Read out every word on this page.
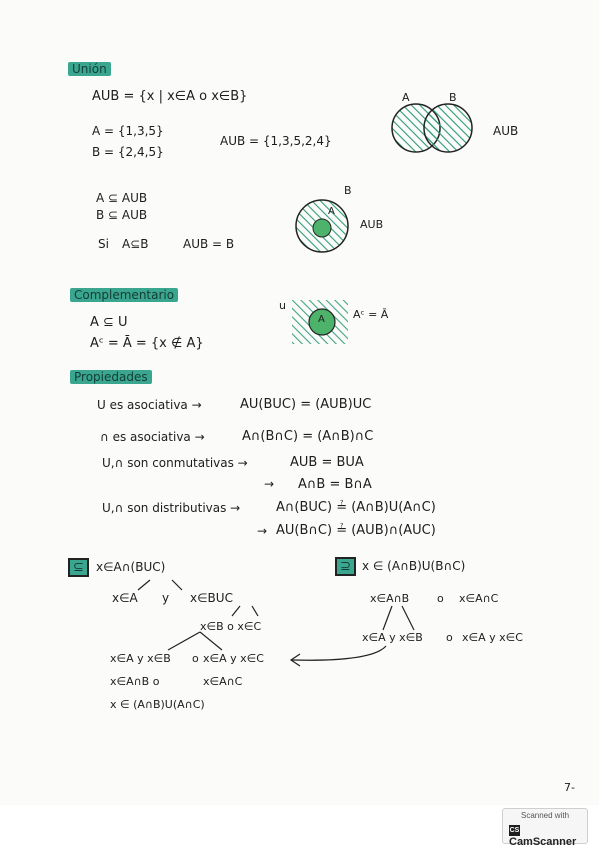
Unión
AUB = {x | x∈A o x∈B}
A = {1,3,5}
B = {2,4,5}
AUB = {1,3,5,2,4}
A	B
AUB
A ⊆ AUB
B ⊆ AUB
Si A⊆B	AUB = B
B
A
AUB
Complementario
A ⊆ U
Aᶜ = Ā = {x ∉ A}
u
A	Aᶜ = Ā
Propiedades
U es asociativa →	AU(BUC) = (AUB)UC
∩ es asociativa →	A∩(B∩C) = (A∩B)∩C
U,∩ son conmutativas →	AUB = BUA
→ A∩B = B∩A
U,∩ son distributivas →	A∩(BUC) ≟ (A∩B)U(A∩C)
→ AU(B∩C) ≟ (AUB)∩(AUC)
⊆	x∈A∩(BUC)
x∈A y x∈BUC
x∈B o x∈C
x∈A y x∈B o x∈A y x∈C
x∈A∩B o	x∈A∩C
x ∈ (A∩B)U(A∩C)
⊇ x ∈ (A∩B)U(B∩C)
x∈A∩B	o x∈A∩C
x∈A y x∈B o x∈A y x∈C
7-
Scanned with
CSCamScanner
